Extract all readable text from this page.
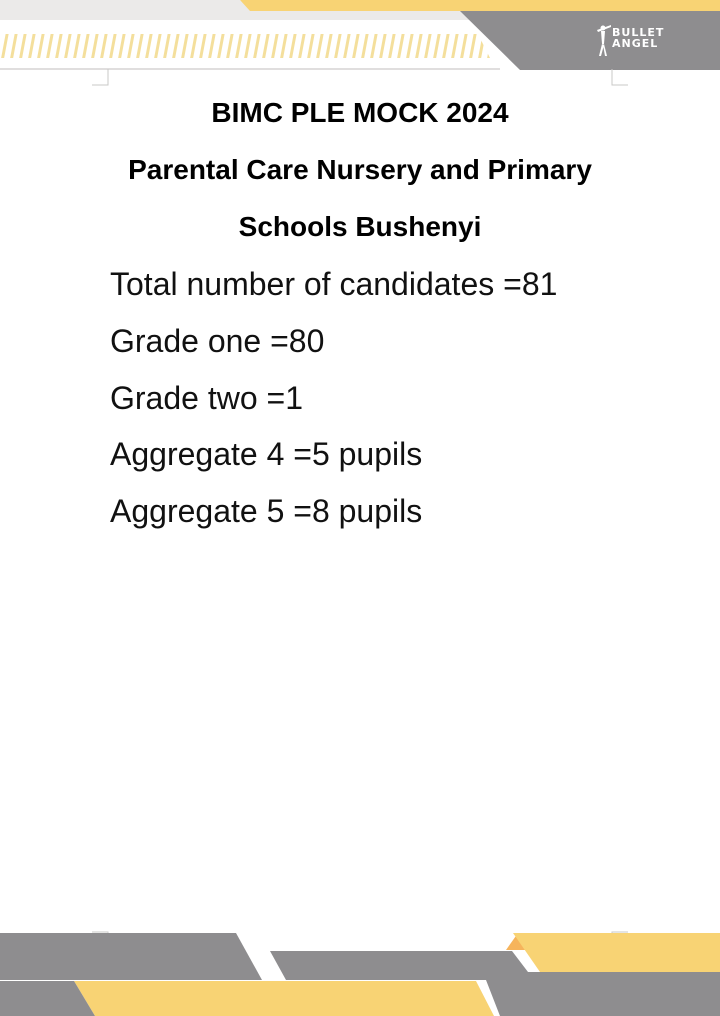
BULLET
ANGEL
BIMC PLE MOCK 2024
Parental Care Nursery and Primary
Schools Bushenyi
Total number of candidates =81
Grade one =80
Grade two =1
Aggregate 4 =5 pupils
Aggregate 5 =8 pupils
